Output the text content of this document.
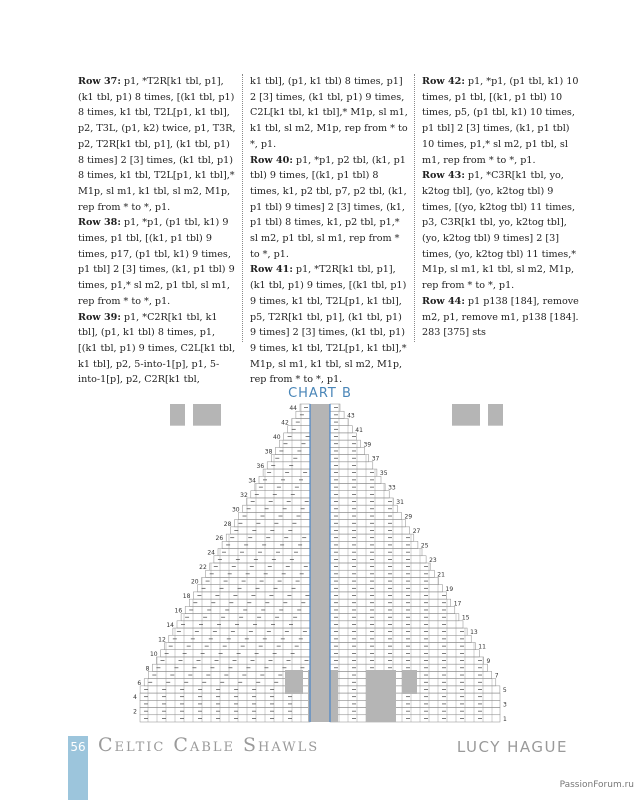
Row 37: p1, *T2R[k1 tbl, p1], (k1 tbl, p1) 8 times, [(k1 tbl, p1) 8 times, k1 tbl, T2L[p1, k1 tbl], p2, T3L, (p1, k2) twice, p1, T3R, p2, T2R[k1 tbl, p1], (k1 tbl, p1) 8 times] 2 [3] times, (k1 tbl, p1) 8 times, k1 tbl, T2L[p1, k1 tbl],* M1p, sl m1, k1 tbl, sl m2, M1p, rep from * to *, p1.

Row 38: p1, *p1, (p1 tbl, k1) 9 times, p1 tbl, [(k1, p1 tbl) 9 times, p17, (p1 tbl, k1) 9 times, p1 tbl] 2 [3] times, (k1, p1 tbl) 9 times, p1,* sl m2, p1 tbl, sl m1, rep from * to *, p1.

Row 39: p1, *C2R[k1 tbl, k1 tbl], (p1, k1 tbl) 8 times, p1, [(k1 tbl, p1) 9 times, C2L[k1 tbl, k1 tbl], p2, 5-into-1[p], p1, 5-into-1[p], p2, C2R[k1 tbl,

k1 tbl], (p1, k1 tbl) 8 times, p1] 2 [3] times, (k1 tbl, p1) 9 times, C2L[k1 tbl, k1 tbl],* M1p, sl m1, k1 tbl, sl m2, M1p, rep from * to *, p1.

Row 40: p1, *p1, p2 tbl, (k1, p1 tbl) 9 times, [(k1, p1 tbl) 8 times, k1, p2 tbl, p7, p2 tbl, (k1, p1 tbl) 9 times] 2 [3] times, (k1, p1 tbl) 8 times, k1, p2 tbl, p1,* sl m2, p1 tbl, sl m1, rep from * to *, p1.

Row 41: p1, *T2R[k1 tbl, p1], (k1 tbl, p1) 9 times, [(k1 tbl, p1) 9 times, k1 tbl, T2L[p1, k1 tbl], p5, T2R[k1 tbl, p1], (k1 tbl, p1) 9 times] 2 [3] times, (k1 tbl, p1) 9 times, k1 tbl, T2L[p1, k1 tbl],* M1p, sl m1, k1 tbl, sl m2, M1p, rep from * to *, p1.

Row 42: p1, *p1, (p1 tbl, k1) 10 times, p1 tbl, [(k1, p1 tbl) 10 times, p5, (p1 tbl, k1) 10 times, p1 tbl] 2 [3] times, (k1, p1 tbl) 10 times, p1,* sl m2, p1 tbl, sl m1, rep from * to *, p1.

Row 43: p1, *C3R[k1 tbl, yo, k2tog tbl], (yo, k2tog tbl) 9 times, [(yo, k2tog tbl) 11 times, p3, C3R[k1 tbl, yo, k2tog tbl], (yo, k2tog tbl) 9 times] 2 [3] times, (yo, k2tog tbl) 11 times,* M1p, sl m1, k1 tbl, sl m2, M1p, rep from * to *, p1.

Row 44: p1 p138 [184], remove m2, p1, remove m1, p138 [184]. 283 [375] sts

CHART B
44
42
40
38
36
34
32
30
28
26
24
22
20
18
16
14
12
10
8
6
4
2
43
41
39
37
35
33
31
29
27
25
23
21
19
17
15
13
11
9
7
5
3
1
56 Celtic Cable Shawls	LUCY HAGUE
PassionForum.ru
